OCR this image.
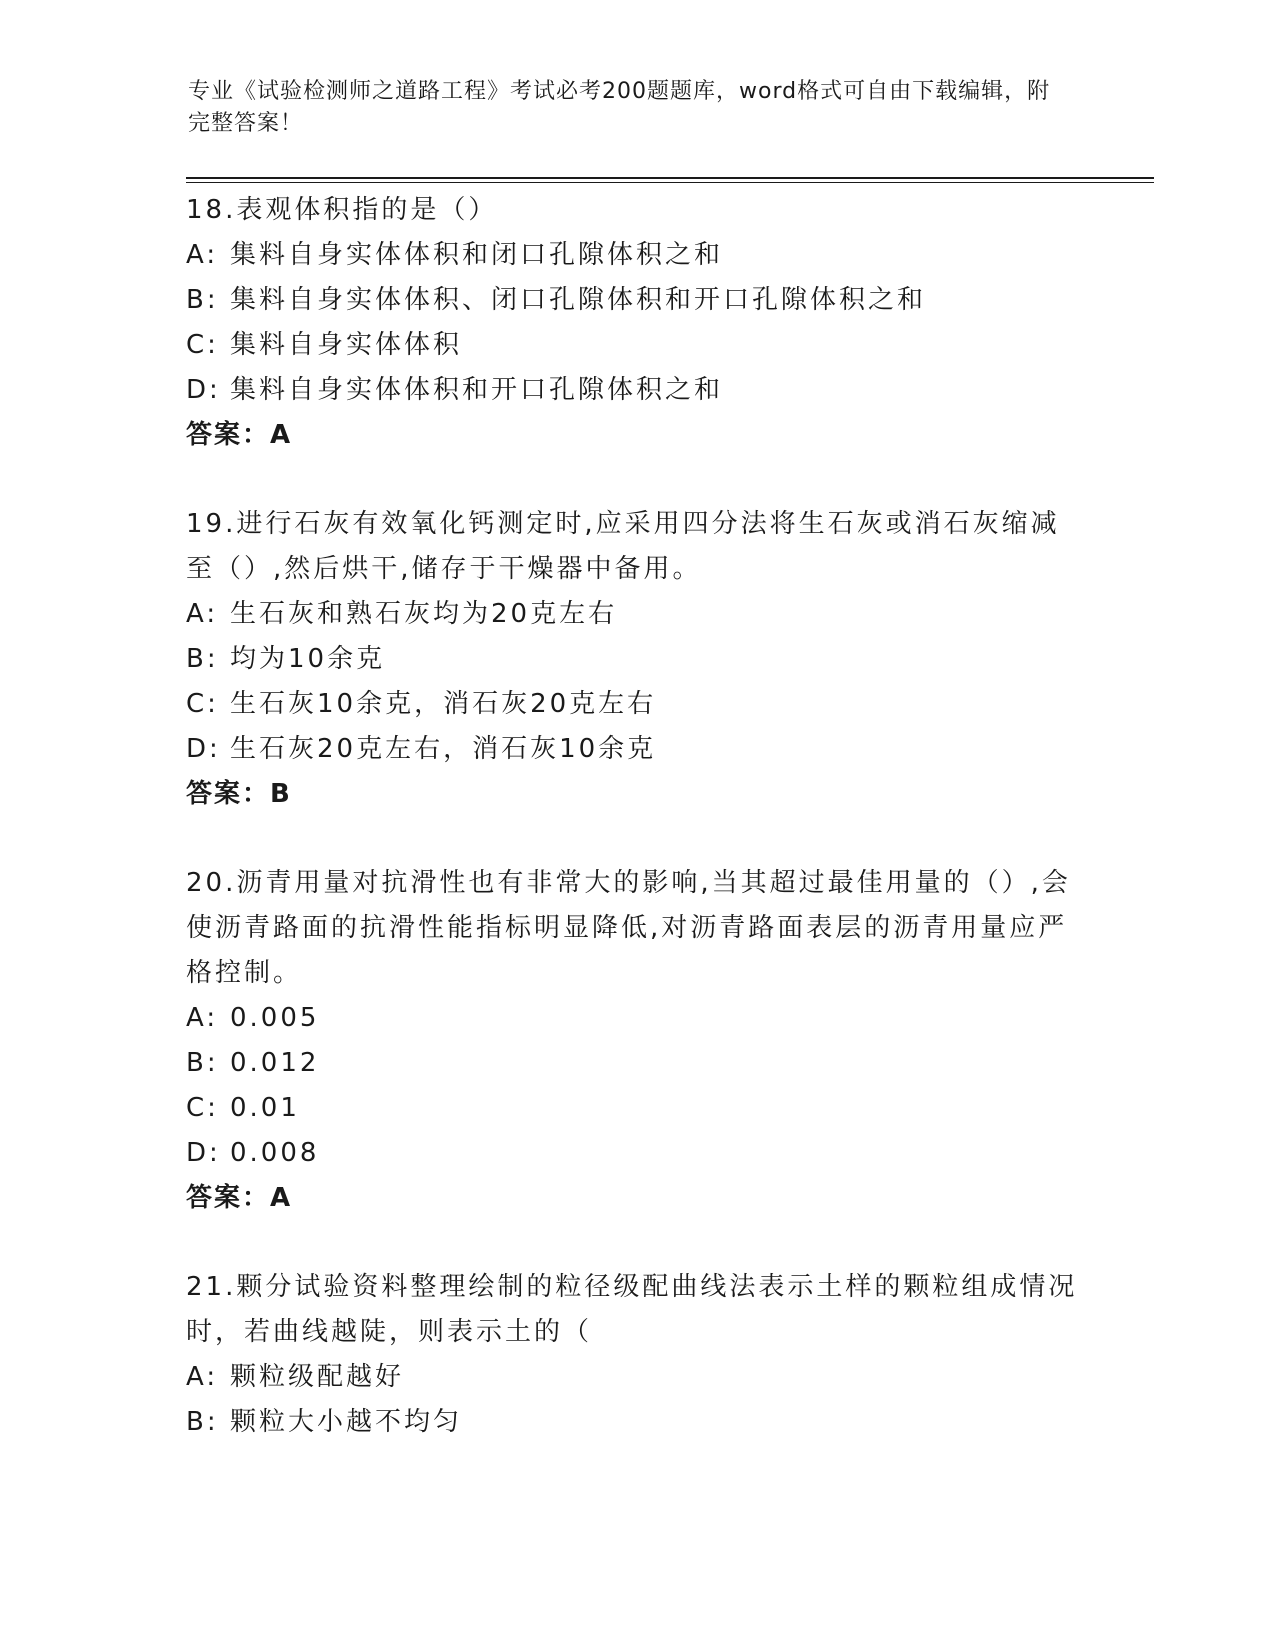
专业《试验检测师之道路工程》考试必考200题题库，word格式可自由下载编辑，附完整答案！

18.表观体积指的是（）

A: 集料自身实体体积和闭口孔隙体积之和

B: 集料自身实体体积、闭口孔隙体积和开口孔隙体积之和

C: 集料自身实体体积

D: 集料自身实体体积和开口孔隙体积之和

答案：A

19.进行石灰有效氧化钙测定时,应采用四分法将生石灰或消石灰缩减至（）,然后烘干,储存于干燥器中备用。

A: 生石灰和熟石灰均为20克左右

B: 均为10余克

C: 生石灰10余克，消石灰20克左右

D: 生石灰20克左右，消石灰10余克

答案：B

20.沥青用量对抗滑性也有非常大的影响,当其超过最佳用量的（）,会使沥青路面的抗滑性能指标明显降低,对沥青路面表层的沥青用量应严格控制。

A: 0.005

B: 0.012

C: 0.01

D: 0.008

答案：A

21.颗分试验资料整理绘制的粒径级配曲线法表示土样的颗粒组成情况时，若曲线越陡，则表示土的（

A: 颗粒级配越好

B: 颗粒大小越不均匀
